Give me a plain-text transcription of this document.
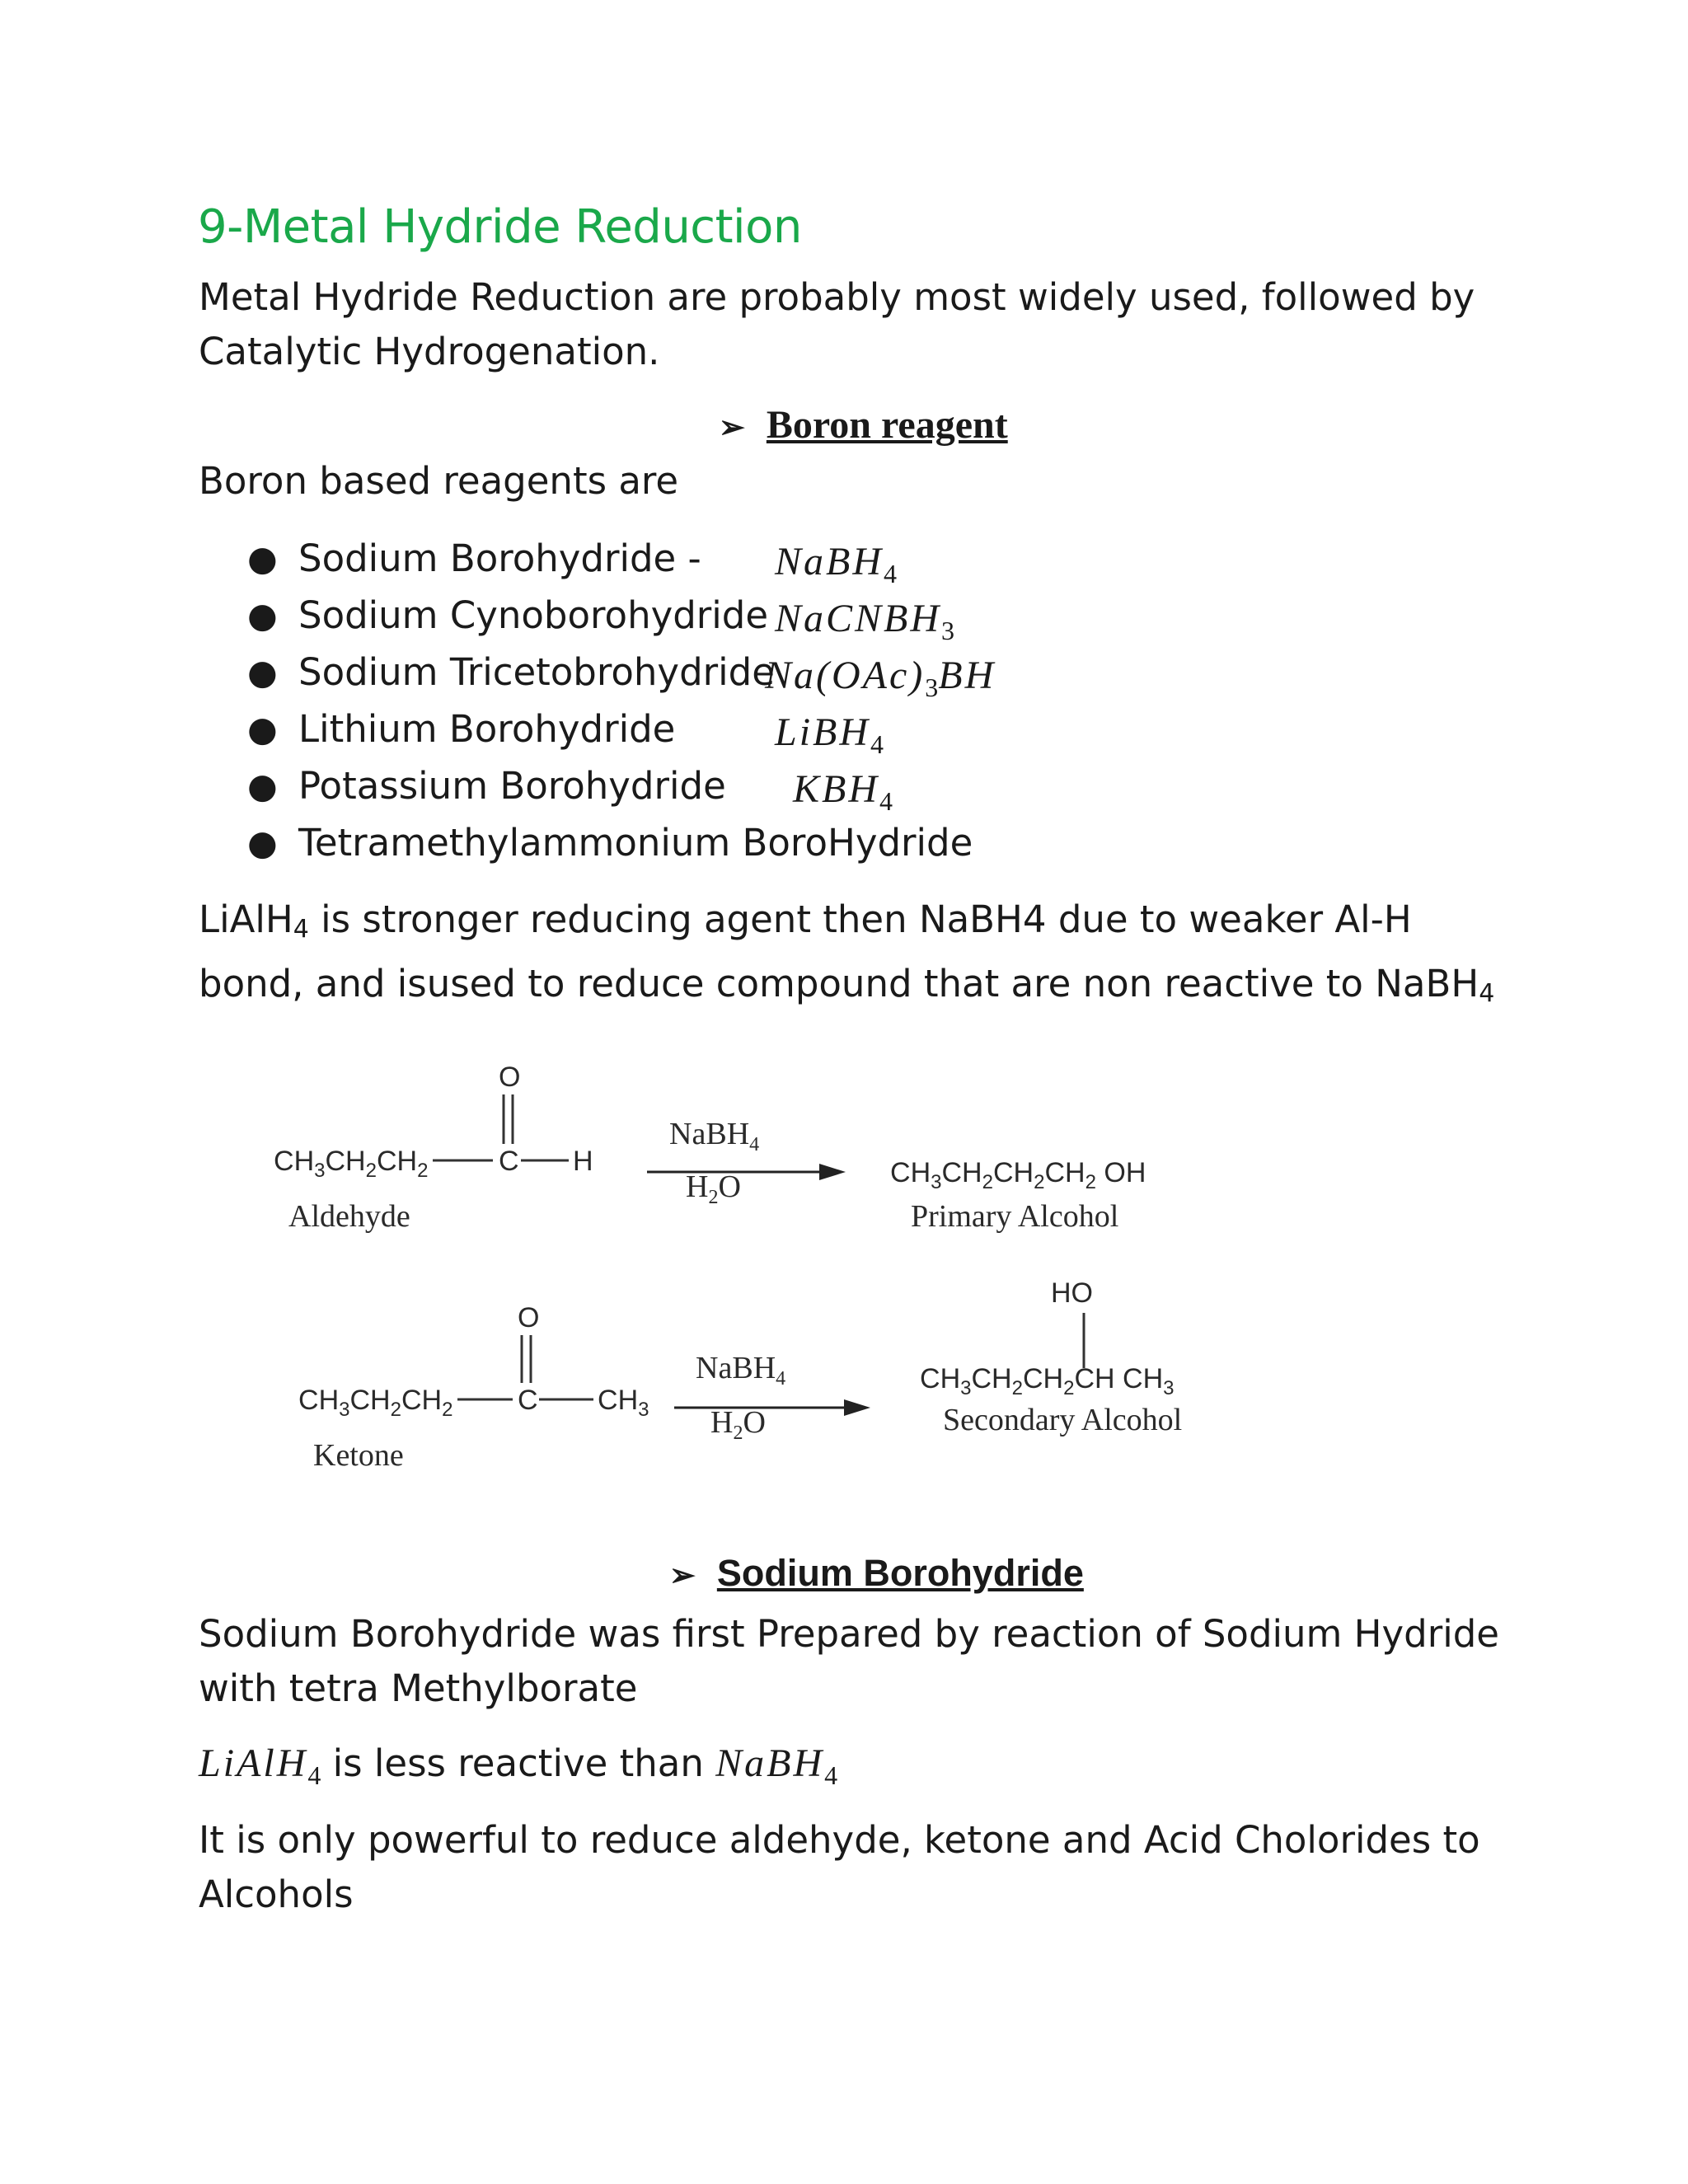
9-Metal Hydride Reduction

Metal Hydride Reduction are probably most widely used, followed by Catalytic Hydrogenation.

➢ Boron reagent

Boron based reagents are

● Sodium Borohydride - NaBH$_4$
● Sodium Cynoborohydride NaCNBH$_3$
● Sodium Tricetobrohydride
$Na(OAc)_3BH$
● Lithium Borohydride	LiBH$_4$
● Potassium Borohydride $KBH_4$
● Tetramethylammonium BoroHydride

LiAlH$_4$ is stronger reducing agent then NaBH4 due to weaker Al-H bond, and isused to reduce compound that are non reactive to NaBH$_4$

O
$CH_3CH_2CH_2$	C H
Aldehyde
NaBH$_4$
$H_2O$	$CH_3CH_2CH_2CH_2$ OH
Primary Alcohol
O
$CH_3CH_2CH_2$ C $CH_3$
Ketone
NaBH$_4$
$H_2O$
HO
$CH_3CH_2CH_2CH$ $CH_3$
Secondary Alcohol
➢ Sodium Borohydride

Sodium Borohydride was first Prepared by reaction of Sodium Hydride with tetra Methylborate

LiAlH$_4$ is less reactive than NaBH$_4$

It is only powerful to reduce aldehyde, ketone and Acid Cholorides to Alcohols
